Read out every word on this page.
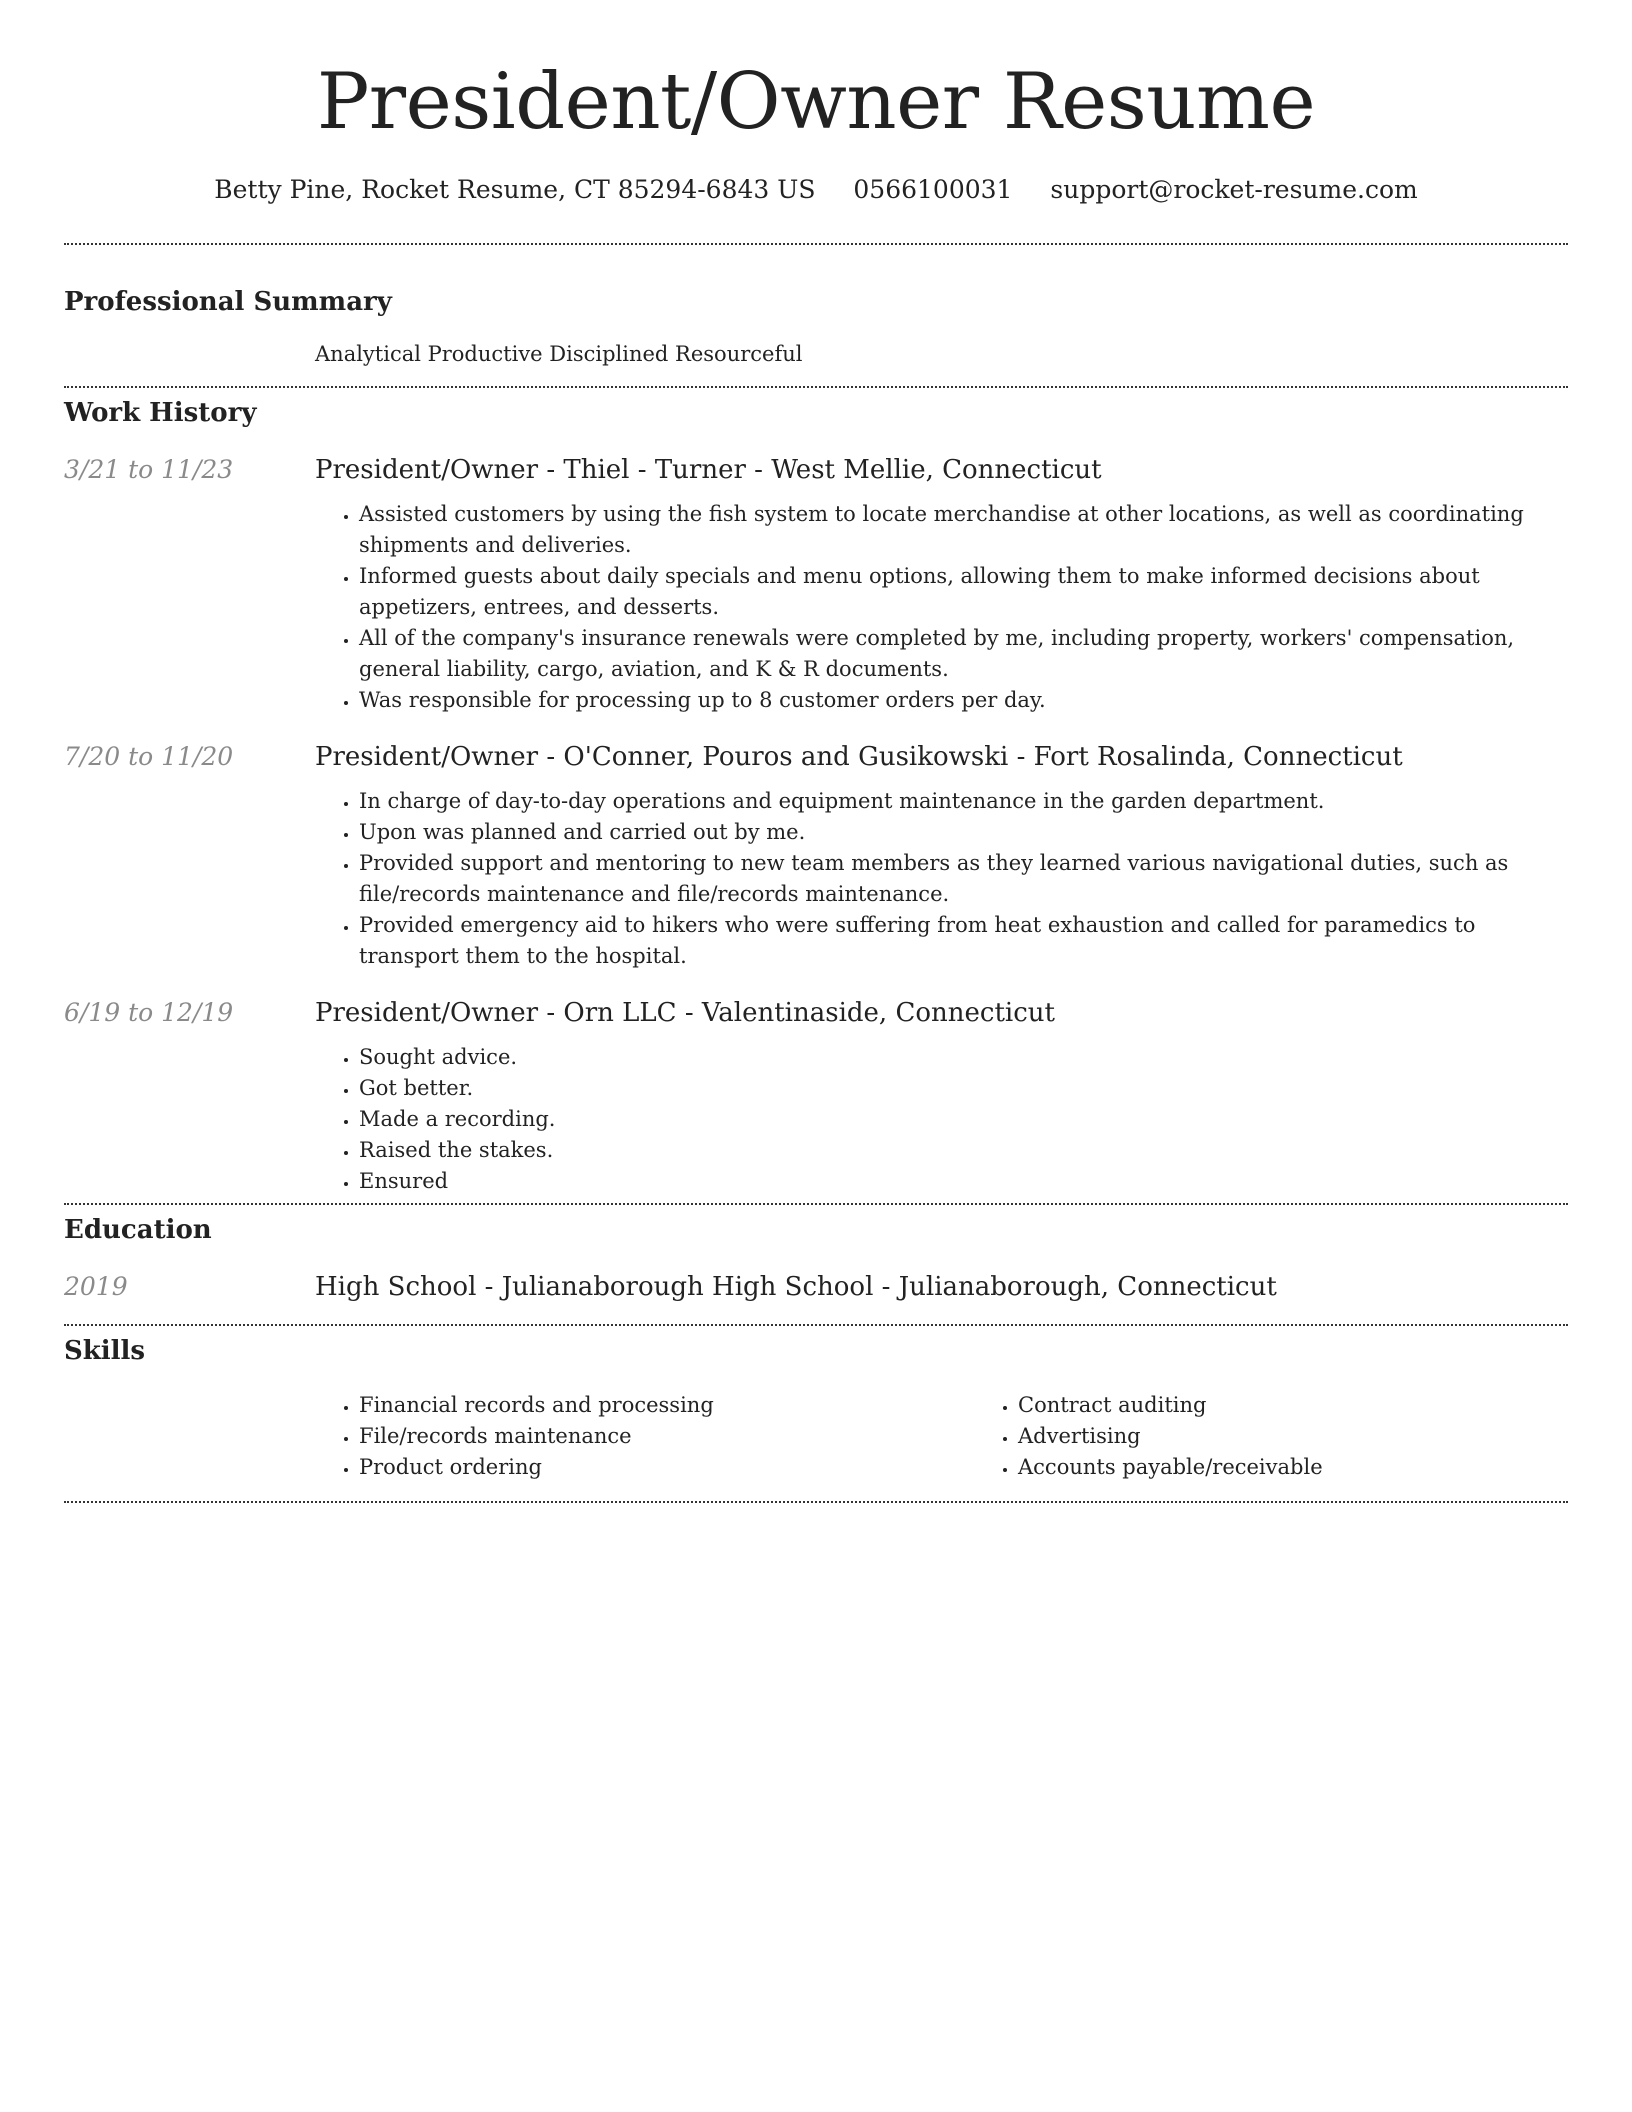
President/Owner Resume
Betty Pine, Rocket Resume, CT 85294-6843 US 0566100031 support@rocket-resume.com
Professional Summary
Analytical Productive Disciplined Resourceful
Work History
3/21 to 11/23	President/Owner - Thiel - Turner - West Mellie, Connecticut
• Assisted customers by using the fish system to locate merchandise at other locations, as well as coordinating shipments and deliveries.
• Informed guests about daily specials and menu options, allowing them to make informed decisions about appetizers, entrees, and desserts.
• All of the company's insurance renewals were completed by me, including property, workers' compensation, general liability, cargo, aviation, and K & R documents.
• Was responsible for processing up to 8 customer orders per day.
7/20 to 11/20	President/Owner - O'Conner, Pouros and Gusikowski - Fort Rosalinda, Connecticut
• In charge of day-to-day operations and equipment maintenance in the garden department.
• Upon was planned and carried out by me.
• Provided support and mentoring to new team members as they learned various navigational duties, such as file/records maintenance and file/records maintenance.
• Provided emergency aid to hikers who were suffering from heat exhaustion and called for paramedics to transport them to the hospital.
6/19 to 12/19	President/Owner - Orn LLC - Valentinaside, Connecticut
• Sought advice.
• Got better.
• Made a recording.
• Raised the stakes.
• Ensured
Education
2019	High School - Julianaborough High School - Julianaborough, Connecticut
Skills
• Financial records and processing
• File/records maintenance
• Product ordering
• Contract auditing
• Advertising
• Accounts payable/receivable
